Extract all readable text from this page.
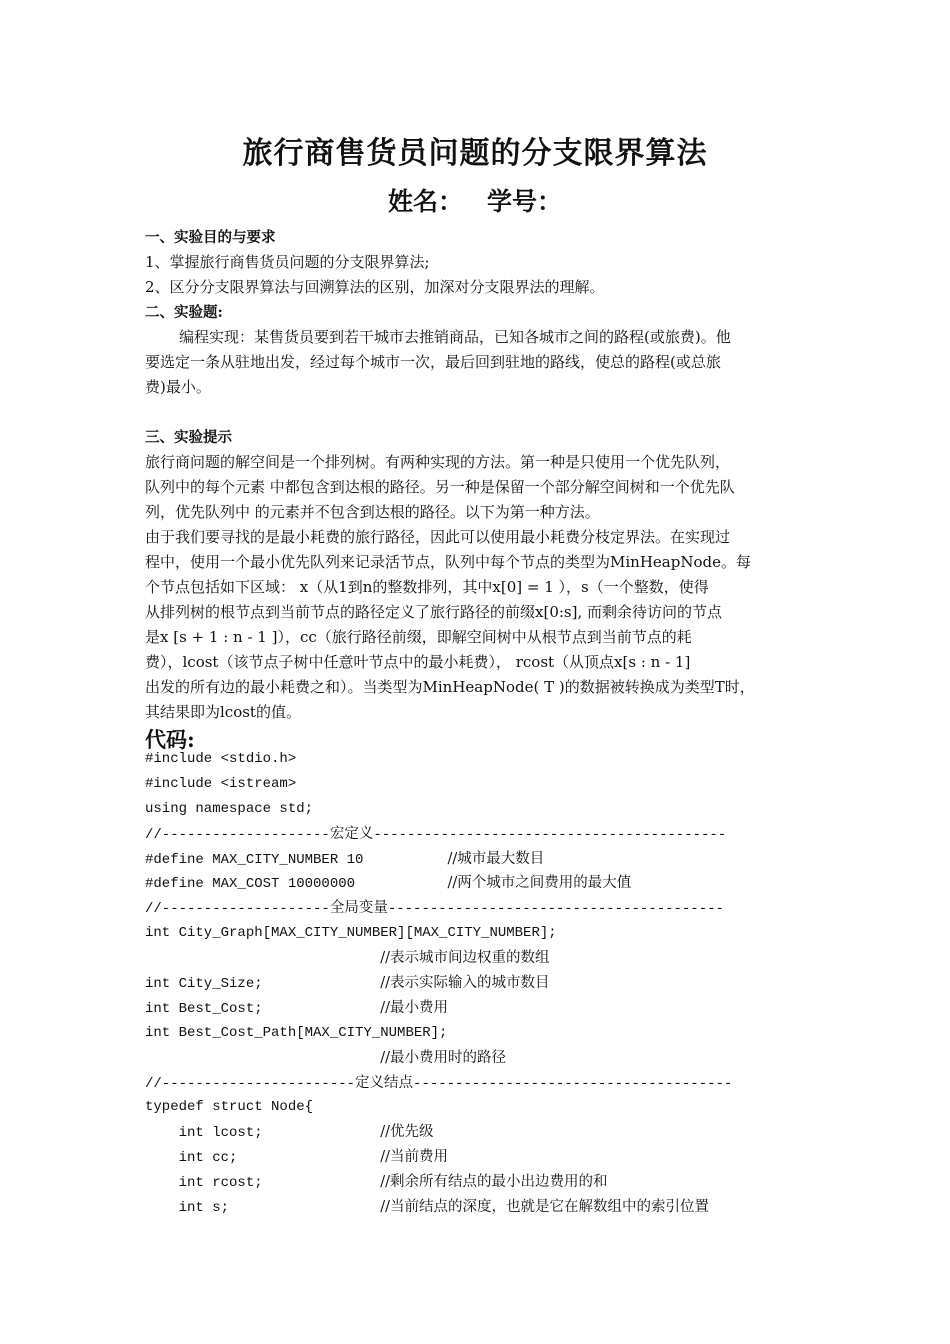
旅行商售货员问题的分支限界算法
姓名： 学号：
一、实验目的与要求
1、掌握旅行商售货员问题的分支限界算法;
2、区分分支限界算法与回溯算法的区别，加深对分支限界法的理解。
二、实验题:
编程实现：某售货员要到若干城市去推销商品，已知各城市之间的路程(或旅费)。他
要选定一条从驻地出发，经过每个城市一次，最后回到驻地的路线，使总的路程(或总旅
费)最小。
三、实验提示
旅行商问题的解空间是一个排列树。有两种实现的方法。第一种是只使用一个优先队列，
队列中的每个元素 中都包含到达根的路径。另一种是保留一个部分解空间树和一个优先队
列，优先队列中 的元素并不包含到达根的路径。以下为第一种方法。
由于我们要寻找的是最小耗费的旅行路径，因此可以使用最小耗费分枝定界法。在实现过
程中，使用一个最小优先队列来记录活节点，队列中每个节点的类型为MinHeapNode。每
个节点包括如下区域： x（从1到n的整数排列，其中x[0] = 1 ），s（一个整数，使得
从排列树的根节点到当前节点的路径定义了旅行路径的前缀x[0:s], 而剩余待访问的节点
是x [s + 1 : n - 1 ]），cc（旅行路径前缀，即解空间树中从根节点到当前节点的耗
费），lcost（该节点子树中任意叶节点中的最小耗费）， rcost（从顶点x[s : n - 1]
出发的所有边的最小耗费之和）。当类型为MinHeapNode( T )的数据被转换成为类型T时，
其结果即为lcost的值。
代码:
#include <stdio.h>
#include <istream>
using namespace std;
//--------------------宏定义------------------------------------------
#define MAX_CITY_NUMBER 10          //城市最大数目
#define MAX_COST 10000000           //两个城市之间费用的最大值
//--------------------全局变量----------------------------------------
int City_Graph[MAX_CITY_NUMBER][MAX_CITY_NUMBER];
//表示城市间边权重的数组
int City_Size;              //表示实际输入的城市数目
int Best_Cost;              //最小费用
int Best_Cost_Path[MAX_CITY_NUMBER];
//最小费用时的路径
//-----------------------定义结点--------------------------------------
typedef struct Node{
int lcost;              //优先级
int cc;                 //当前费用
int rcost;              //剩余所有结点的最小出边费用的和
int s;                  //当前结点的深度，也就是它在解数组中的索引位置
